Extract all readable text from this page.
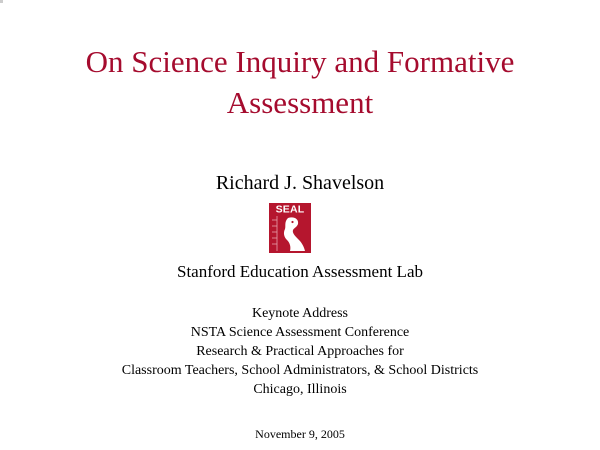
On Science Inquiry and Formative
Assessment
Richard J. Shavelson
SEAL
Stanford Education Assessment Lab
Keynote Address
NSTA Science Assessment Conference
Research & Practical Approaches for
Classroom Teachers, School Administrators, & School Districts
Chicago, Illinois
November 9, 2005
